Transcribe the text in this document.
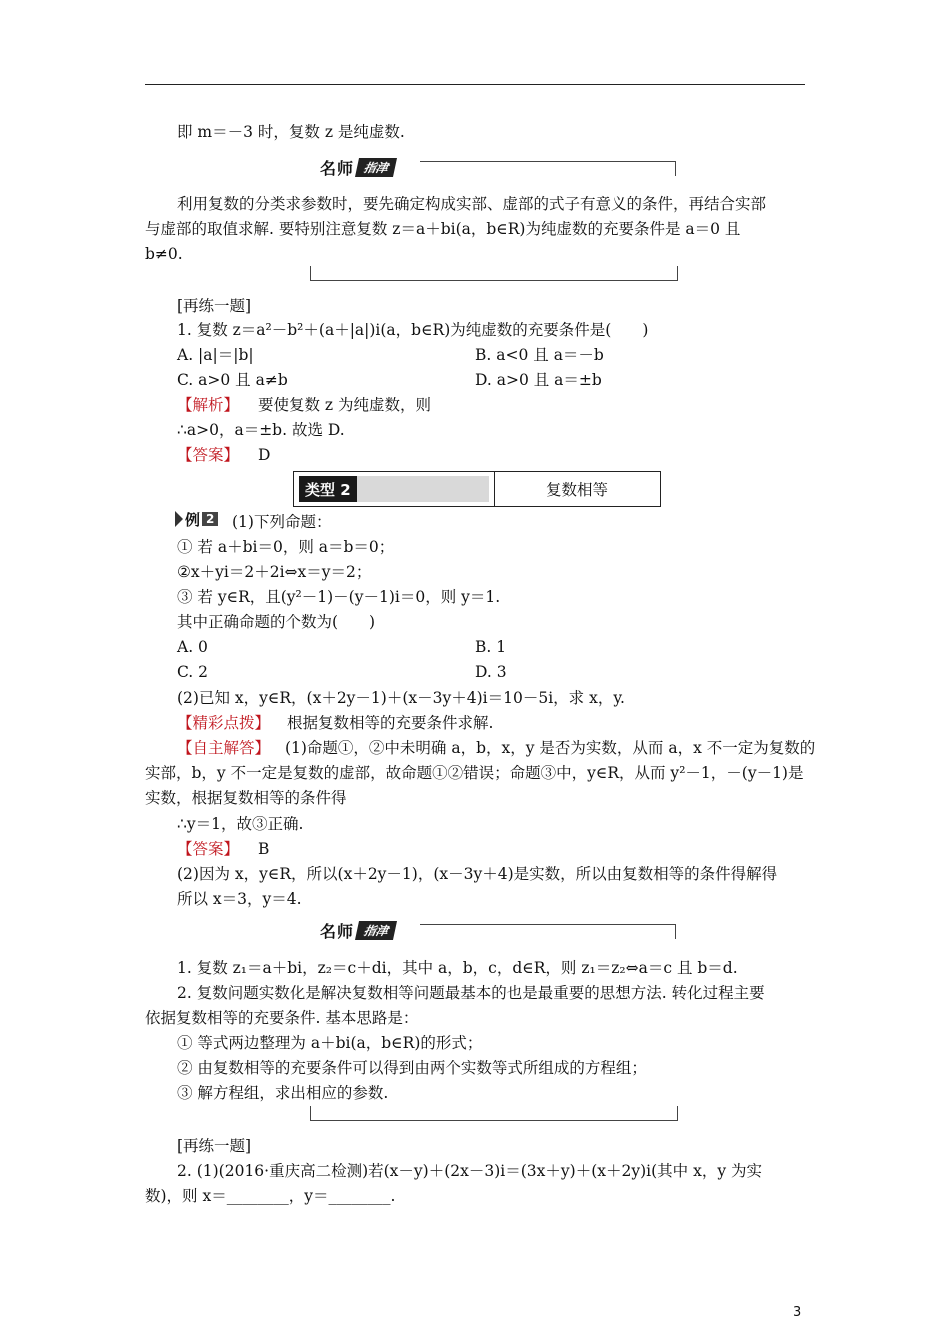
即 m＝－3 时，复数 z 是纯虚数.
名师 指津
利用复数的分类求参数时，要先确定构成实部、虚部的式子有意义的条件，再结合实部
与虚部的取值求解. 要特别注意复数 z＝a＋bi(a，b∈R)为纯虚数的充要条件是 a＝0 且
b≠0.
[再练一题]
1. 复数 z＝a²－b²＋(a＋|a|)i(a，b∈R)为纯虚数的充要条件是(　　)
A. |a|＝|b|	B. a<0 且 a＝－b
C. a>0 且 a≠b	D. a>0 且 a＝±b
【解析】 要使复数 z 为纯虚数，则
∴a>0，a＝±b. 故选 D.
【答案】 D
类型 2	复数相等
例 2 (1)下列命题：
① 若 a＋bi＝0，则 a＝b＝0；
②x＋yi＝2＋2i⇔x＝y＝2；
③ 若 y∈R，且(y²－1)－(y－1)i＝0，则 y＝1.
其中正确命题的个数为(　　)
A. 0	B. 1
C. 2	D. 3
(2)已知 x，y∈R，(x＋2y－1)＋(x－3y＋4)i＝10－5i，求 x，y.
【精彩点拨】 根据复数相等的充要条件求解.
【自主解答】 (1)命题①，②中未明确 a，b，x，y 是否为实数，从而 a，x 不一定为复数的
实部，b，y 不一定是复数的虚部，故命题①②错误；命题③中，y∈R，从而 y²－1，－(y－1)是
实数，根据复数相等的条件得
∴y＝1，故③正确.
【答案】 B
(2)因为 x，y∈R，所以(x＋2y－1)，(x－3y＋4)是实数，所以由复数相等的条件得解得
所以 x＝3，y＝4.
名师 指津
1. 复数 z₁＝a＋bi，z₂＝c＋di，其中 a，b，c，d∈R，则 z₁＝z₂⇔a＝c 且 b＝d.
2. 复数问题实数化是解决复数相等问题最基本的也是最重要的思想方法. 转化过程主要
依据复数相等的充要条件. 基本思路是：
① 等式两边整理为 a＋bi(a，b∈R)的形式；
② 由复数相等的充要条件可以得到由两个实数等式所组成的方程组；
③ 解方程组，求出相应的参数.
[再练一题]
2. (1)(2016·重庆高二检测)若(x－y)＋(2x－3)i＝(3x＋y)＋(x＋2y)i(其中 x，y 为实
数)，则 x＝________，y＝________.
3
